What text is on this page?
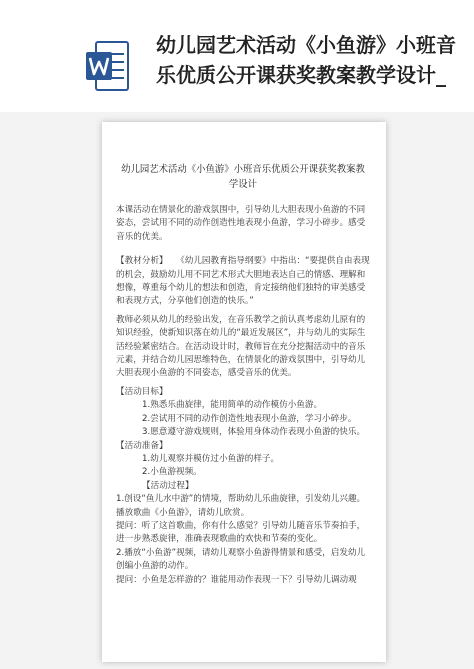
幼儿园艺术活动《小鱼游》小班音乐优质公开课获奖教案教学设计_
幼儿园艺术活动《小鱼游》小班音乐优质公开课获奖教案教学设计

本课活动在情景化的游戏氛围中，引导幼儿大胆表现小鱼游的不同姿态，尝试用不同的动作创造性地表现小鱼游，学习小碎步。感受音乐的优美。

【教材分析】　　《幼儿园教育指导纲要》中指出：“要提供自由表现的机会，鼓励幼儿用不同艺术形式大胆地表达自己的情感、理解和想像，尊重每个幼儿的想法和创造，肯定接纳他们独特的审美感受和表现方式，分享他们创造的快乐。”

教师必须从幼儿的经验出发，在音乐教学之前认真考虑幼儿原有的知识经验，使新知识落在幼儿的“最近发展区”，并与幼儿的实际生活经验紧密结合。在活动设计时，教师旨在充分挖掘活动中的音乐元素，并结合幼儿园思维特色，在情景化的游戏氛围中，引导幼儿大胆表现小鱼游的不同姿态，感受音乐的优美。

【活动目标】

1.熟悉乐曲旋律，能用简单的动作模仿小鱼游。

2.尝试用不同的动作创造性地表现小鱼游，学习小碎步。

3.愿意遵守游戏规则，体验用身体动作表现小鱼游的快乐。

【活动准备】

1.幼儿观察并模仿过小鱼游的样子。

2.小鱼游视频。

【活动过程】

1.创设“鱼儿水中游”的情境，帮助幼儿乐曲旋律，引发幼儿兴趣。播放歌曲《小鱼游》，请幼儿欣赏。

提问：听了这首歌曲，你有什么感觉？引导幼儿随音乐节奏拍手，进一步熟悉旋律，准确表现歌曲的欢快和节奏的变化。

2.播放“小鱼游”视频，请幼儿观察小鱼游得情景和感受，启发幼儿创编小鱼游的动作。

提问：小鱼是怎样游的？谁能用动作表现一下？引导幼儿调动观
